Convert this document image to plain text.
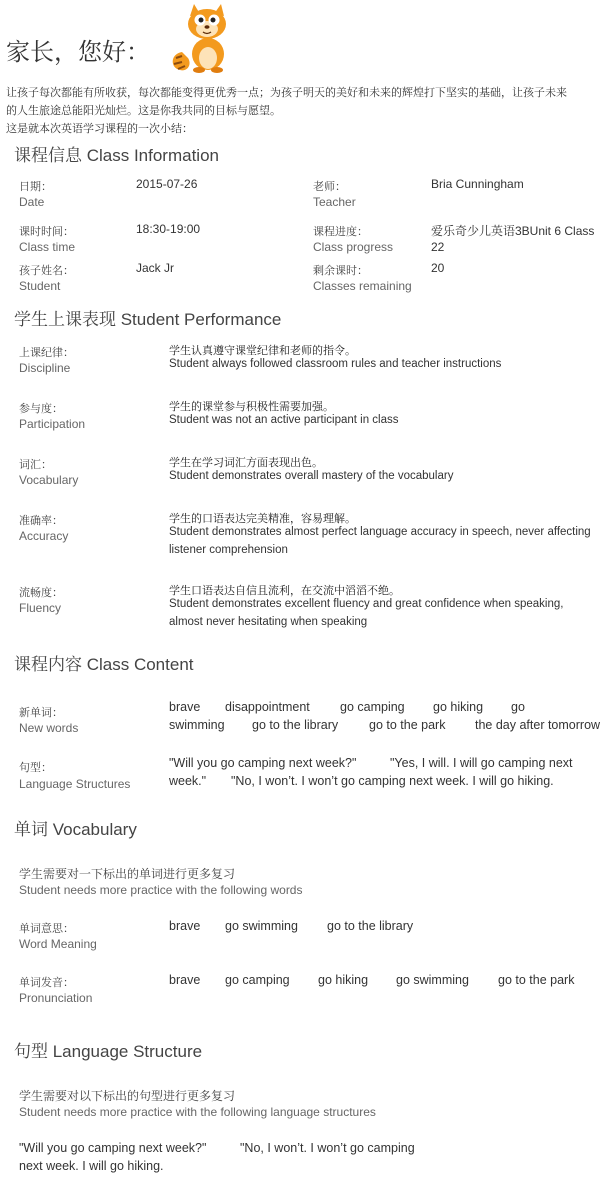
家长，您好：
让孩子每次都能有所收获，每次都能变得更优秀一点；为孩子明天的美好和未来的辉煌打下坚实的基础，让孩子未来
的人生旅途总能阳光灿烂。这是你我共同的目标与愿望。
这是就本次英语学习课程的一次小结：
课程信息 Class Information
日期：
Date
2015-07-26	老师：
Teacher
Bria Cunningham
课时时间：
Class time
18:30-19:00	课程进度：
Class progress
爱乐奇少儿英语3BUnit 6 Class
22
孩子姓名：
Student
Jack Jr	剩余课时：
Classes remaining
20
学生上课表现 Student Performance
上课纪律：
Discipline
学生认真遵守课堂纪律和老师的指令。
Student always followed classroom rules and teacher instructions
参与度：
Participation
学生的课堂参与积极性需要加强。
Student was not an active participant in class
词汇：
Vocabulary
学生在学习词汇方面表现出色。
Student demonstrates overall mastery of the vocabulary
准确率：
Accuracy
学生的口语表达完美精准，容易理解。
Student demonstrates almost perfect language accuracy in speech, never affecting
listener comprehension
流畅度：
Fluency
学生口语表达自信且流利，在交流中滔滔不绝。
Student demonstrates excellent fluency and great confidence when speaking,
almost never hesitating when speaking
课程内容 Class Content
新单词：
New words
brave disappointment go camping go hiking go
swimming go to the library go to the park the day after tomorrow
句型：
Language Structures
"Will you go camping next week?"	"Yes, I will. I will go camping next
week." "No, I won’t. I won’t go camping next week. I will go hiking.
单词 Vocabulary
学生需要对一下标出的单词进行更多复习
Student needs more practice with the following words
单词意思：
Word Meaning
brave go swimming go to the library
单词发音：
Pronunciation
brave go camping go hiking go swimming go to the park
句型 Language Structure
学生需要对以下标出的句型进行更多复习
Student needs more practice with the following language structures
"Will you go camping next week?"	"No, I won’t. I won’t go camping
next week. I will go hiking.
